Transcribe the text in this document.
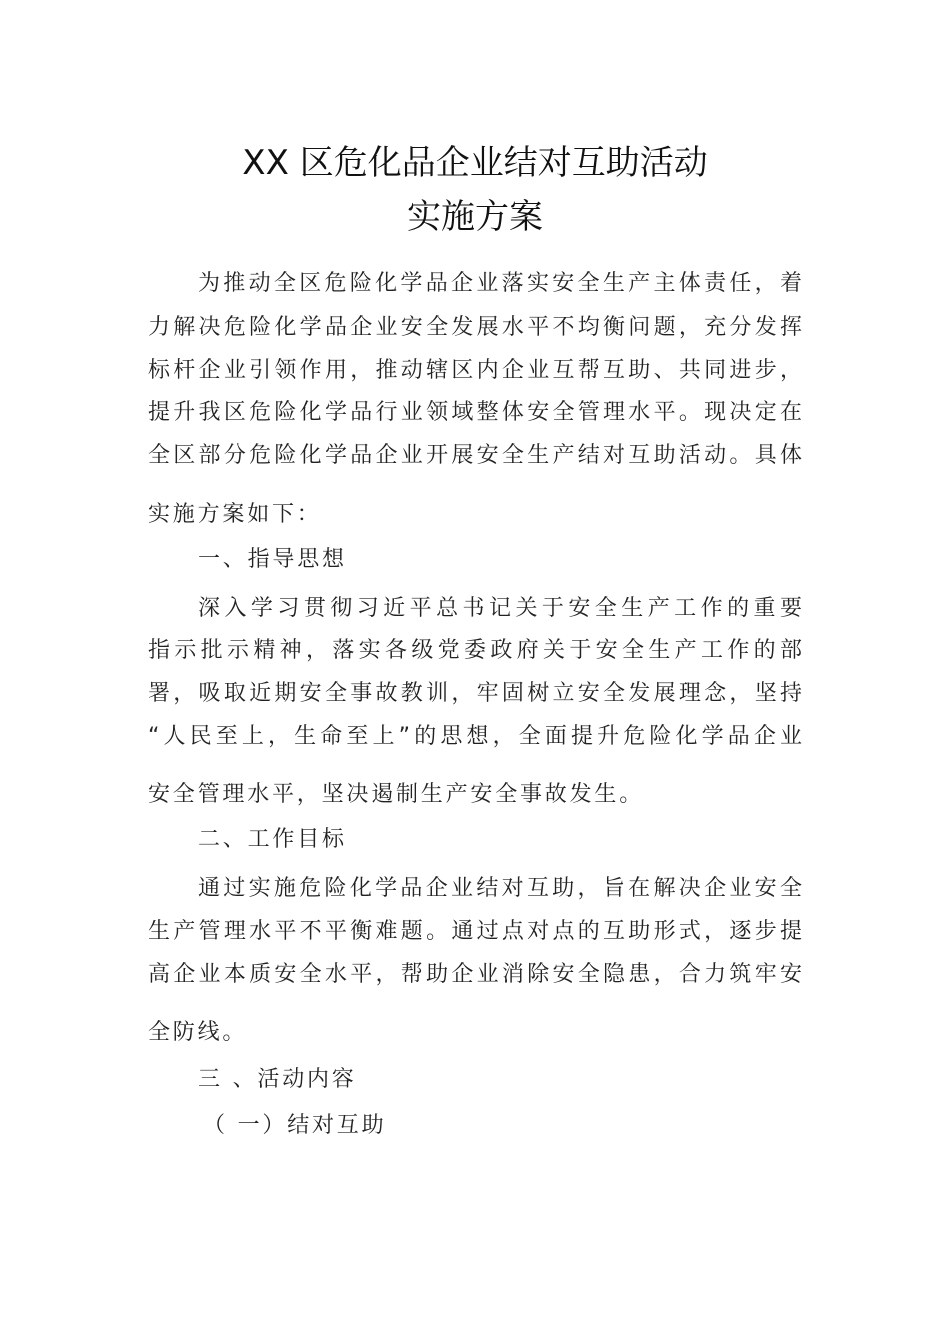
XX 区危化品企业结对互助活动
实施方案
为推动全区危险化学品企业落实安全生产主体责任，着
力解决危险化学品企业安全发展水平不均衡问题，充分发挥
标杆企业引领作用，推动辖区内企业互帮互助、共同进步，
提升我区危险化学品行业领域整体安全管理水平。现决定在
全区部分危险化学品企业开展安全生产结对互助活动。具体
实施方案如下：
一、指导思想
深入学习贯彻习近平总书记关于安全生产工作的重要
指示批示精神，落实各级党委政府关于安全生产工作的部
署，吸取近期安全事故教训，牢固树立安全发展理念，坚持
“人民至上，生命至上”的思想，全面提升危险化学品企业
安全管理水平，坚决遏制生产安全事故发生。
二、工作目标
通过实施危险化学品企业结对互助，旨在解决企业安全
生产管理水平不平衡难题。通过点对点的互助形式，逐步提
高企业本质安全水平，帮助企业消除安全隐患，合力筑牢安
全防线。
三 、活动内容
（ 一）结对互助
